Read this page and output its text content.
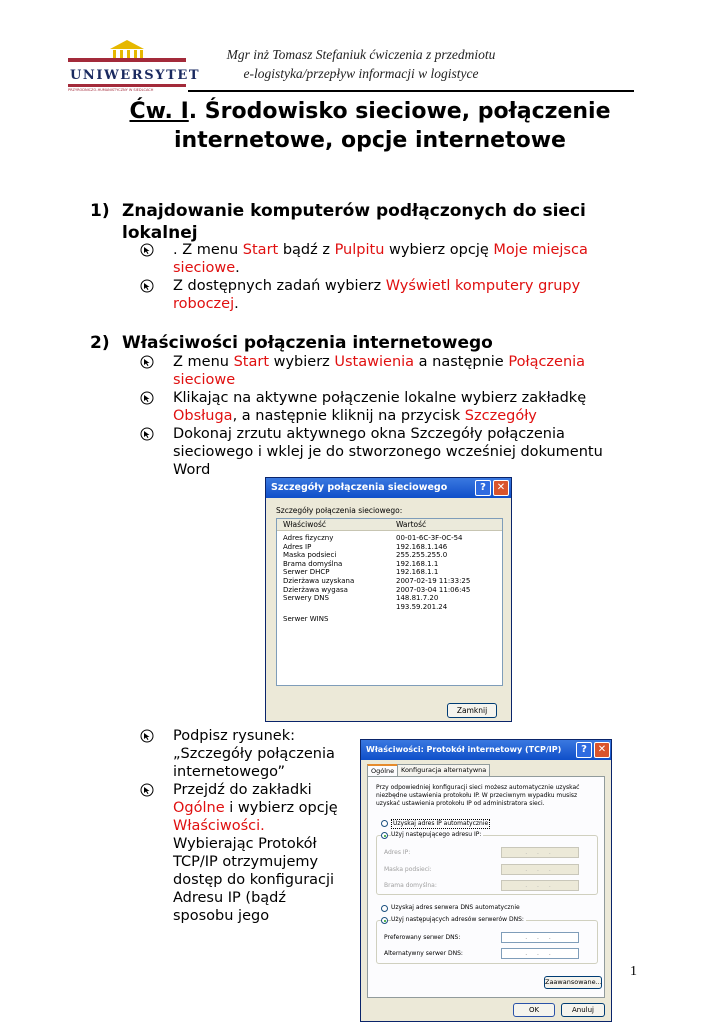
UNIWERSYTET
PRZYRODNICZO-HUMANISTYCZNY W SIEDLCACH
Mgr inż Tomasz Stefaniuk ćwiczenia z przedmiotu
e-logistyka/przepływ informacji w logistyce
Ćw. I. Środowisko sieciowe, połączenie
internetowe, opcje internetowe
1) Znajdowanie komputerów podłączonych do sieci lokalnej
. Z menu Start bądź z Pulpitu wybierz opcję Moje miejsca
sieciowe.
Z dostępnych zadań wybierz Wyświetl komputery grupy
roboczej.
2) Właściwości połączenia internetowego
Z menu Start wybierz Ustawienia a następnie Połączenia
sieciowe
Klikając na aktywne połączenie lokalne wybierz zakładkę
Obsługa, a następnie kliknij na przycisk Szczegóły
Dokonaj zrzutu aktywnego okna Szczegóły połączenia
sieciowego i wklej je do stworzonego wcześniej dokumentu
Word
Szczegóły połączenia sieciowego	?	✕
Szczegóły połączenia sieciowego:
Właściwość	Wartość
Adres fizyczny	00-01-6C-3F-0C-54
Adres IP	192.168.1.146
Maska podsieci	255.255.255.0
Brama domyślna	192.168.1.1
Serwer DHCP	192.168.1.1
Dzierżawa uzyskana	2007-02-19 11:33:25
Dzierżawa wygasa	2007-03-04 11:06:45
Serwery DNS	148.81.7.20
193.59.201.24
Serwer WINS
Zamknij
Podpisz rysunek:
„Szczegóły połączenia
internetowego”
Przejdź do zakładki
Ogólne i wybierz opcję
Właściwości.
Wybierając Protokół
TCP/IP otrzymujemy
dostęp do konfiguracji
Adresu IP (bądź
sposobu jego
Właściwości: Protokół internetowy (TCP/IP)	?	✕
Ogólne	Konfiguracja alternatywna
Przy odpowiedniej konfiguracji sieci możesz automatycznie uzyskać
niezbędne ustawienia protokołu IP. W przeciwnym wypadku musisz
uzyskać ustawienia protokołu IP od administratora sieci.
Uzyskaj adres IP automatycznie
Użyj następującego adresu IP:
Adres IP:	. . .
Maska podsieci:	. . .
Brama domyślna:	. . .
Uzyskaj adres serwera DNS automatycznie
Użyj następujących adresów serwerów DNS:
Preferowany serwer DNS:	. . .
Alternatywny serwer DNS:	. . .
Zaawansowane...
OK	Anuluj
1
